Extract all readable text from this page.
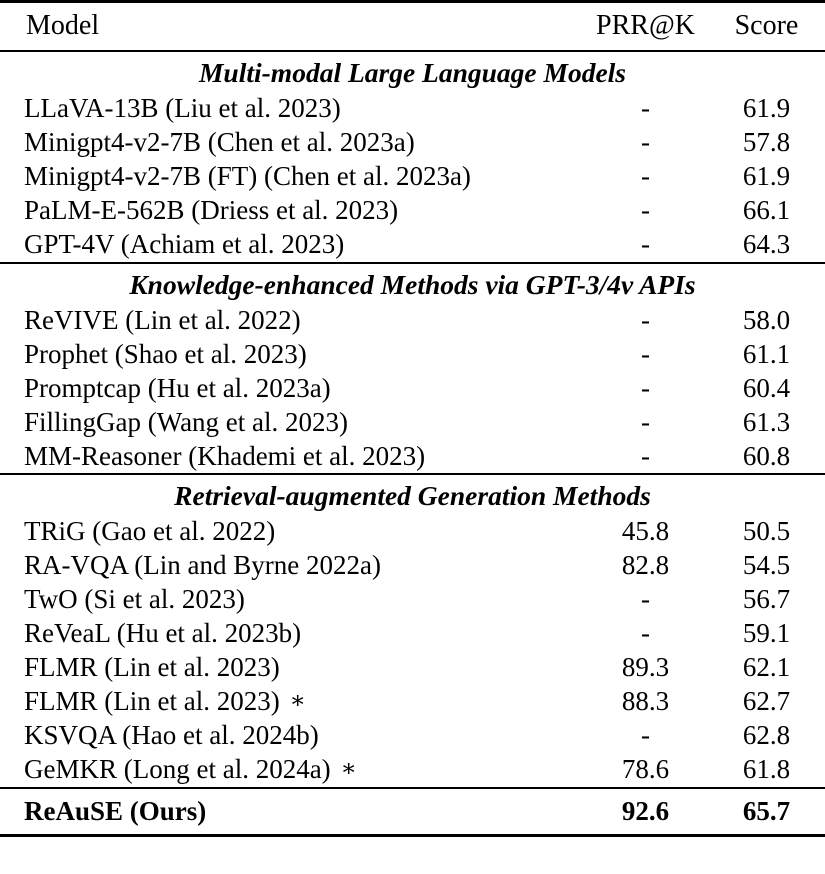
Model	PRR@K	Score

Multi-modal Large Language Models		
LLaVA-13B (Liu et al. 2023)	-	61.9
Minigpt4-v2-7B (Chen et al. 2023a)	-	57.8
Minigpt4-v2-7B (FT) (Chen et al. 2023a)	-	61.9
PaLM-E-562B (Driess et al. 2023)	-	66.1
GPT-4V (Achiam et al. 2023)	-	64.3

Knowledge-enhanced Methods via GPT-3/4v APIs		
ReVIVE (Lin et al. 2022)	-	58.0
Prophet (Shao et al. 2023)	-	61.1
Promptcap (Hu et al. 2023a)	-	60.4
FillingGap (Wang et al. 2023)	-	61.3
MM-Reasoner (Khademi et al. 2023)	-	60.8

Retrieval-augmented Generation Methods		
TRiG (Gao et al. 2022)	45.8	50.5
RA-VQA (Lin and Byrne 2022a)	82.8	54.5
TwO (Si et al. 2023)	-	56.7
ReVeaL (Hu et al. 2023b)	-	59.1
FLMR (Lin et al. 2023)	89.3	62.1
FLMR (Lin et al. 2023) ∗	88.3	62.7
KSVQA (Hao et al. 2024b)	-	62.8
GeMKR (Long et al. 2024a) ∗	78.6	61.8

ReAuSE (Ours)	92.6	65.7
